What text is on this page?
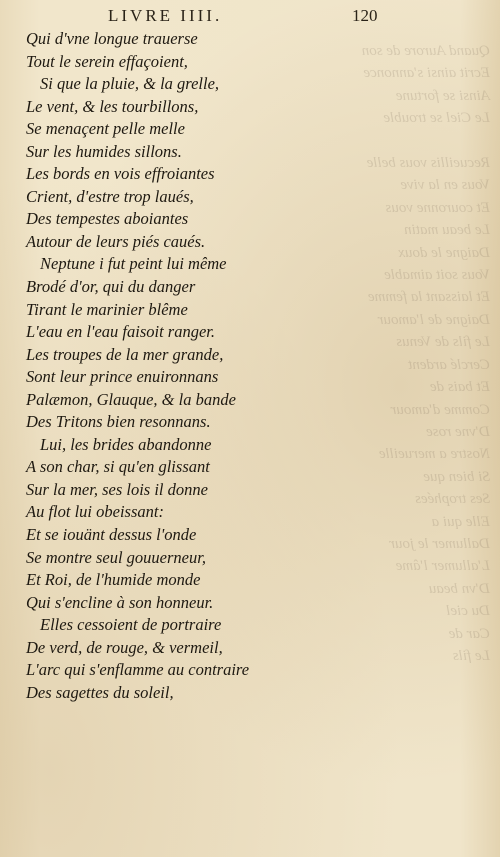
Quand Aurore de son
Ecrit ainsi s'annonce
Ainsi se fortune
Le Ciel se trouble

Recueillis vous belle
Vous en la vive
Et couronne vous
Le beau matin
Daigne le doux
Vous soit aimable
Et laissant la femme
Daigne de l'amour
Le fils de Venus
Cerclé ardent
Et bais de
Comme d'amour
D'vne rose
Nostre a merueille
Si bien que
Ses trophées
Elle qui a
Dallumer le jour
L'allumer l'âme
D'vn beau
Du ciel
Car de
Le fils
LIVRE IIII.	120
Qui d'vne longue trauerse
Tout le serein effaçoient,
Si que la pluie, & la grelle,
Le vent, & les tourbillons,
Se menaçent pelle melle
Sur les humides sillons.
Les bords en vois effroiantes
Crient, d'estre trop laués,
Des tempestes aboiantes
Autour de leurs piés caués.
Neptune i fut peint lui même
Brodé d'or, qui du danger
Tirant le marinier blême
L'eau en l'eau faisoit ranger.
Les troupes de la mer grande,
Sont leur prince enuironnans
Palæmon, Glauque, & la bande
Des Tritons bien resonnans.
Lui, les brides abandonne
A son char, si qu'en glissant
Sur la mer, ses lois il donne
Au flot lui obeissant:
Et se iouänt dessus l'onde
Se montre seul gouuerneur,
Et Roi, de l'humide monde
Qui s'encline à son honneur.
Elles cessoient de portraire
De verd, de rouge, & vermeil,
L'arc qui s'enflamme au contraire
Des sagettes du soleil,
